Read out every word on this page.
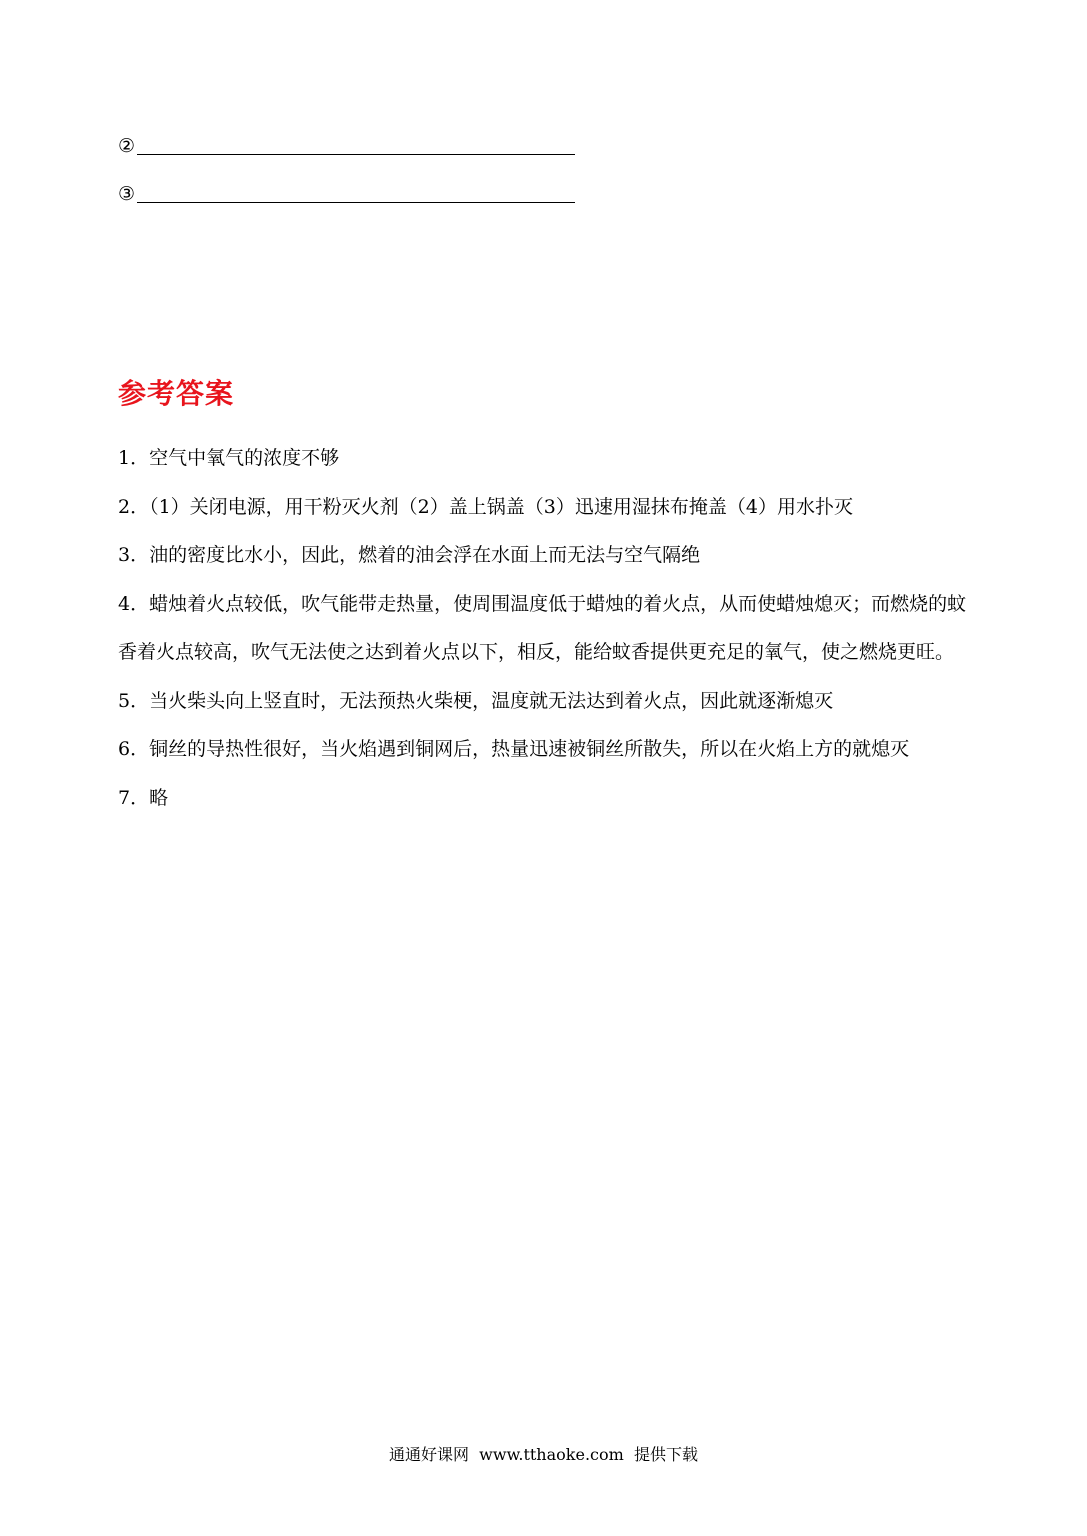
②
③
参考答案
1．空气中氧气的浓度不够
2．（1）关闭电源，用干粉灭火剂（2）盖上锅盖（3）迅速用湿抹布掩盖（4）用水扑灭
3．油的密度比水小，因此，燃着的油会浮在水面上而无法与空气隔绝
4．蜡烛着火点较低，吹气能带走热量，使周围温度低于蜡烛的着火点，从而使蜡烛熄灭；而燃烧的蚊香着火点较高，吹气无法使之达到着火点以下，相反，能给蚊香提供更充足的氧气，使之燃烧更旺。
5．当火柴头向上竖直时，无法预热火柴梗，温度就无法达到着火点，因此就逐渐熄灭
6．铜丝的导热性很好，当火焰遇到铜网后，热量迅速被铜丝所散失，所以在火焰上方的就熄灭
7．略
通通好课网  www.tthaoke.com  提供下载
